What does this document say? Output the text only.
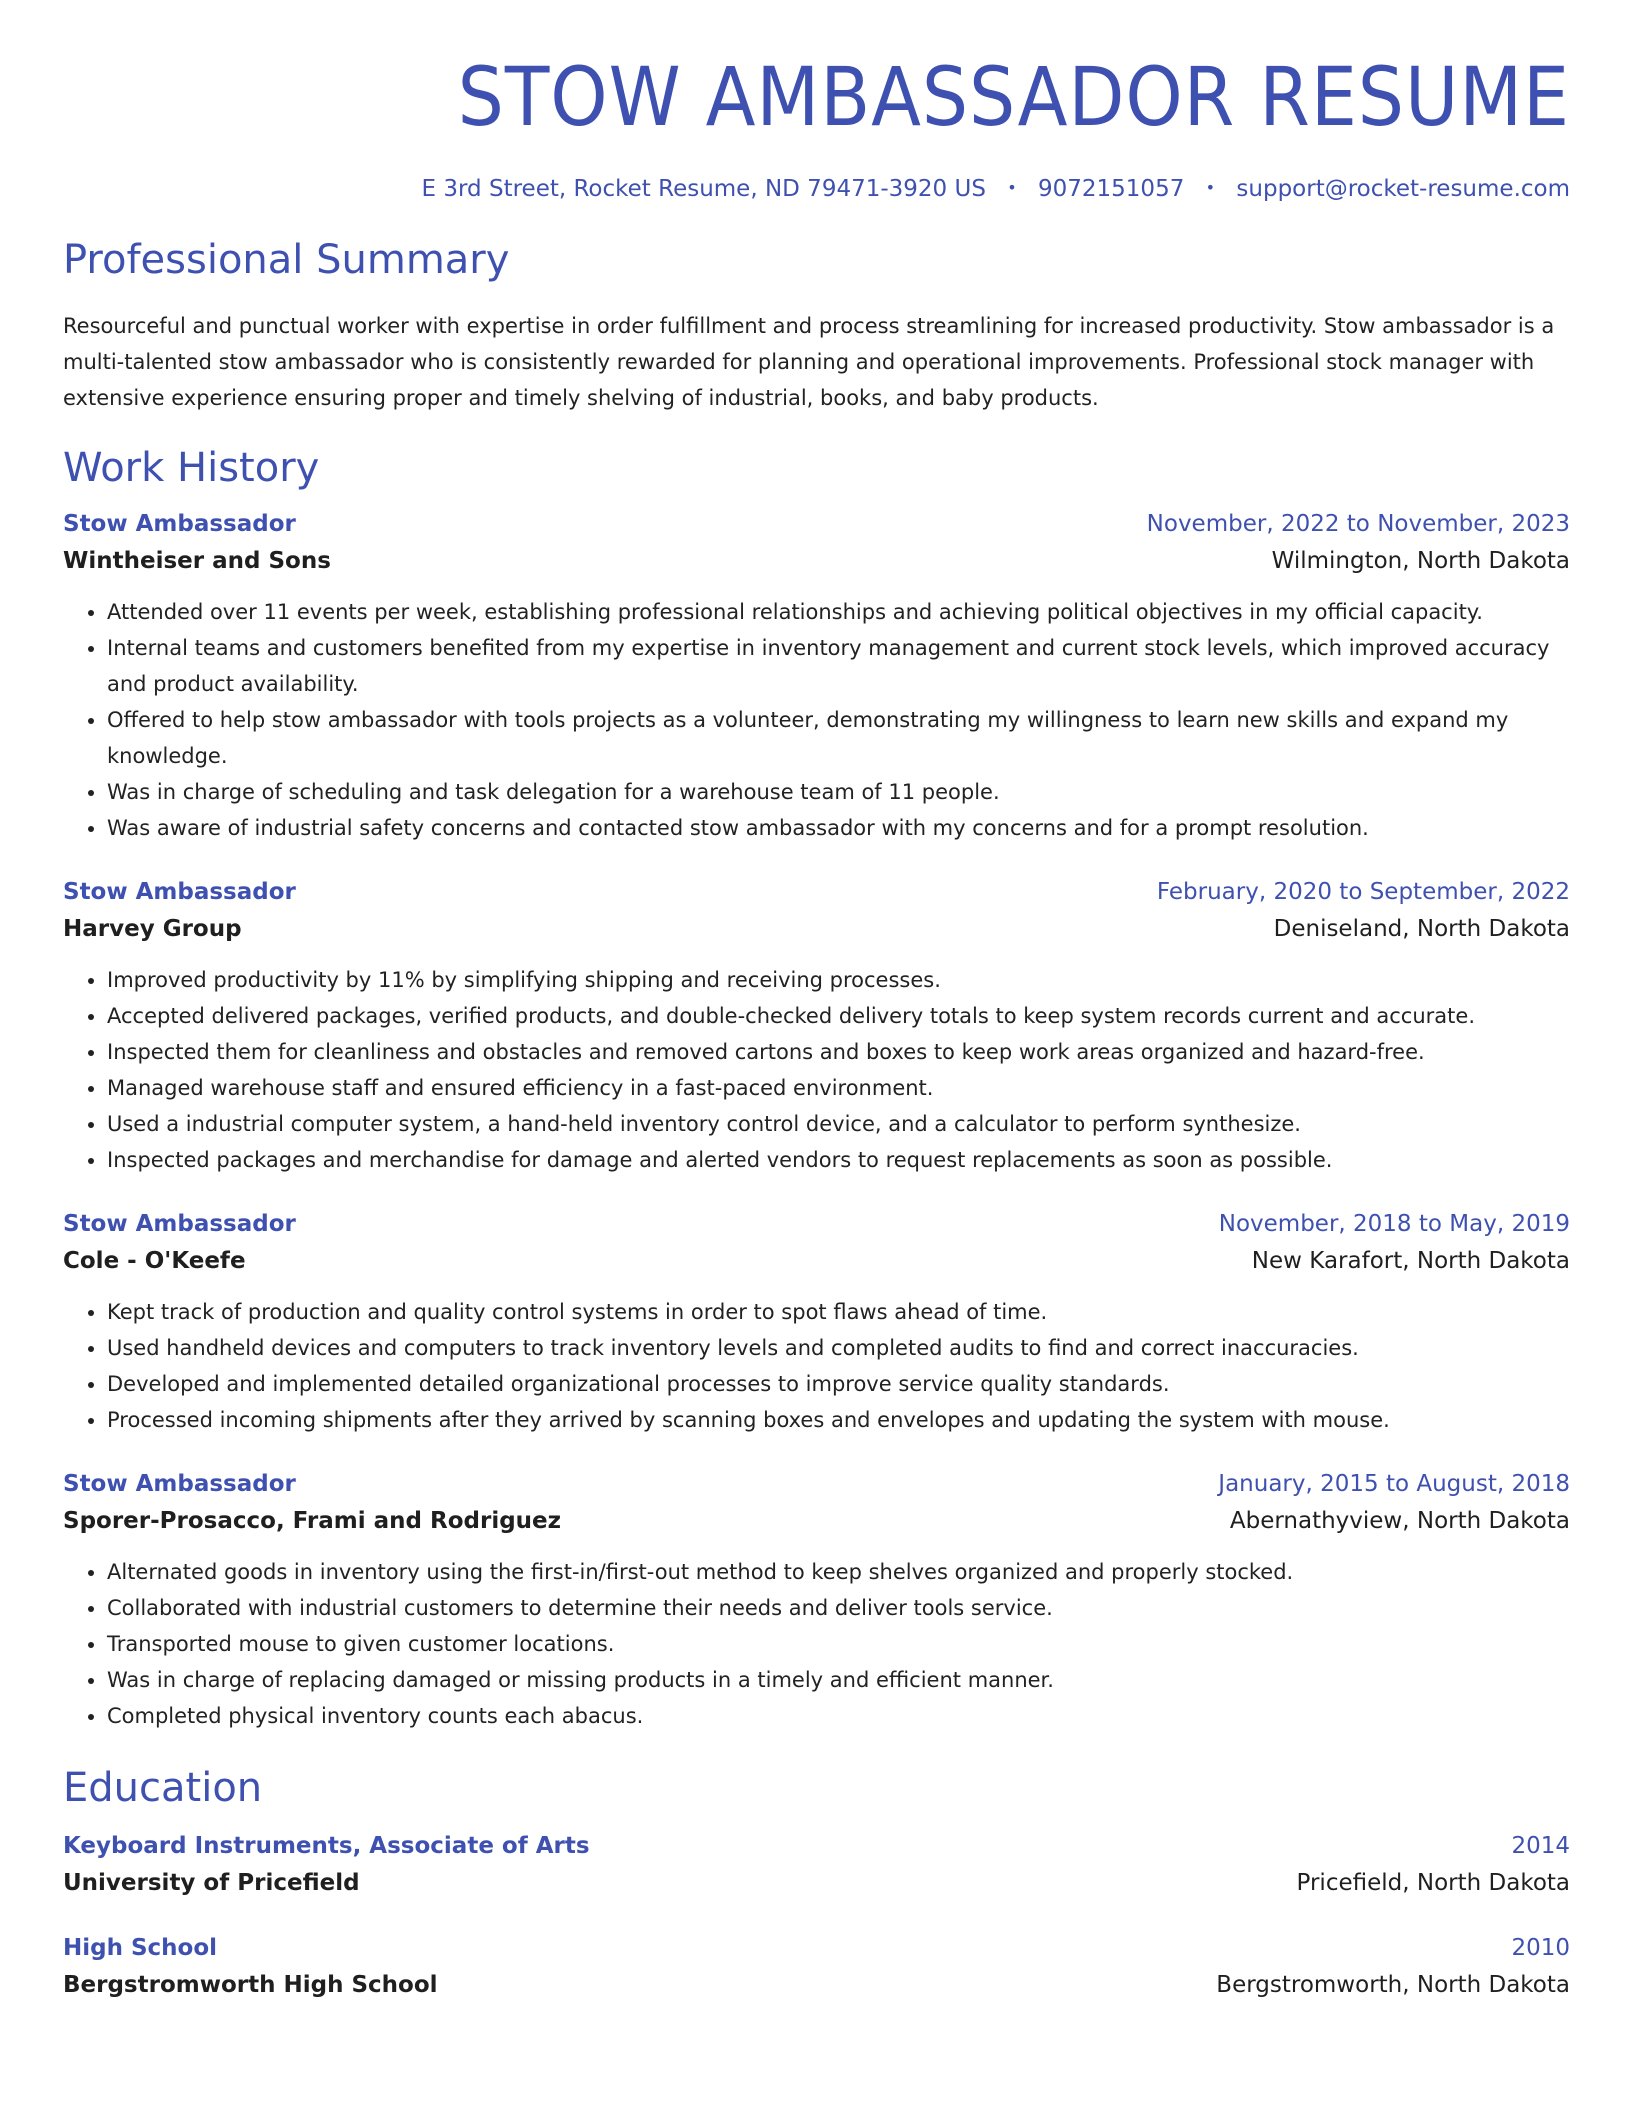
STOW AMBASSADOR RESUME
E 3rd Street, Rocket Resume, ND 79471-3920 US • 9072151057 • support@rocket-resume.com
Professional Summary
Resourceful and punctual worker with expertise in order fulfillment and process streamlining for increased productivity. Stow ambassador is a multi-talented stow ambassador who is consistently rewarded for planning and operational improvements. Professional stock manager with extensive experience ensuring proper and timely shelving of industrial, books, and baby products.
Work History
Stow Ambassador	November, 2022 to November, 2023
Wintheiser and Sons	Wilmington, North Dakota
• Attended over 11 events per week, establishing professional relationships and achieving political objectives in my official capacity.
• Internal teams and customers benefited from my expertise in inventory management and current stock levels, which improved accuracy and product availability.
• Offered to help stow ambassador with tools projects as a volunteer, demonstrating my willingness to learn new skills and expand my knowledge.
• Was in charge of scheduling and task delegation for a warehouse team of 11 people.
• Was aware of industrial safety concerns and contacted stow ambassador with my concerns and for a prompt resolution.
Stow Ambassador	February, 2020 to September, 2022
Harvey Group	Deniseland, North Dakota
• Improved productivity by 11% by simplifying shipping and receiving processes.
• Accepted delivered packages, verified products, and double-checked delivery totals to keep system records current and accurate.
• Inspected them for cleanliness and obstacles and removed cartons and boxes to keep work areas organized and hazard-free.
• Managed warehouse staff and ensured efficiency in a fast-paced environment.
• Used a industrial computer system, a hand-held inventory control device, and a calculator to perform synthesize.
• Inspected packages and merchandise for damage and alerted vendors to request replacements as soon as possible.
Stow Ambassador	November, 2018 to May, 2019
Cole - O'Keefe	New Karafort, North Dakota
• Kept track of production and quality control systems in order to spot flaws ahead of time.
• Used handheld devices and computers to track inventory levels and completed audits to find and correct inaccuracies.
• Developed and implemented detailed organizational processes to improve service quality standards.
• Processed incoming shipments after they arrived by scanning boxes and envelopes and updating the system with mouse.
Stow Ambassador	January, 2015 to August, 2018
Sporer-Prosacco, Frami and Rodriguez	Abernathyview, North Dakota
• Alternated goods in inventory using the first-in/first-out method to keep shelves organized and properly stocked.
• Collaborated with industrial customers to determine their needs and deliver tools service.
• Transported mouse to given customer locations.
• Was in charge of replacing damaged or missing products in a timely and efficient manner.
• Completed physical inventory counts each abacus.
Education
Keyboard Instruments, Associate of Arts	2014
University of Pricefield	Pricefield, North Dakota
High School	2010
Bergstromworth High School	Bergstromworth, North Dakota
